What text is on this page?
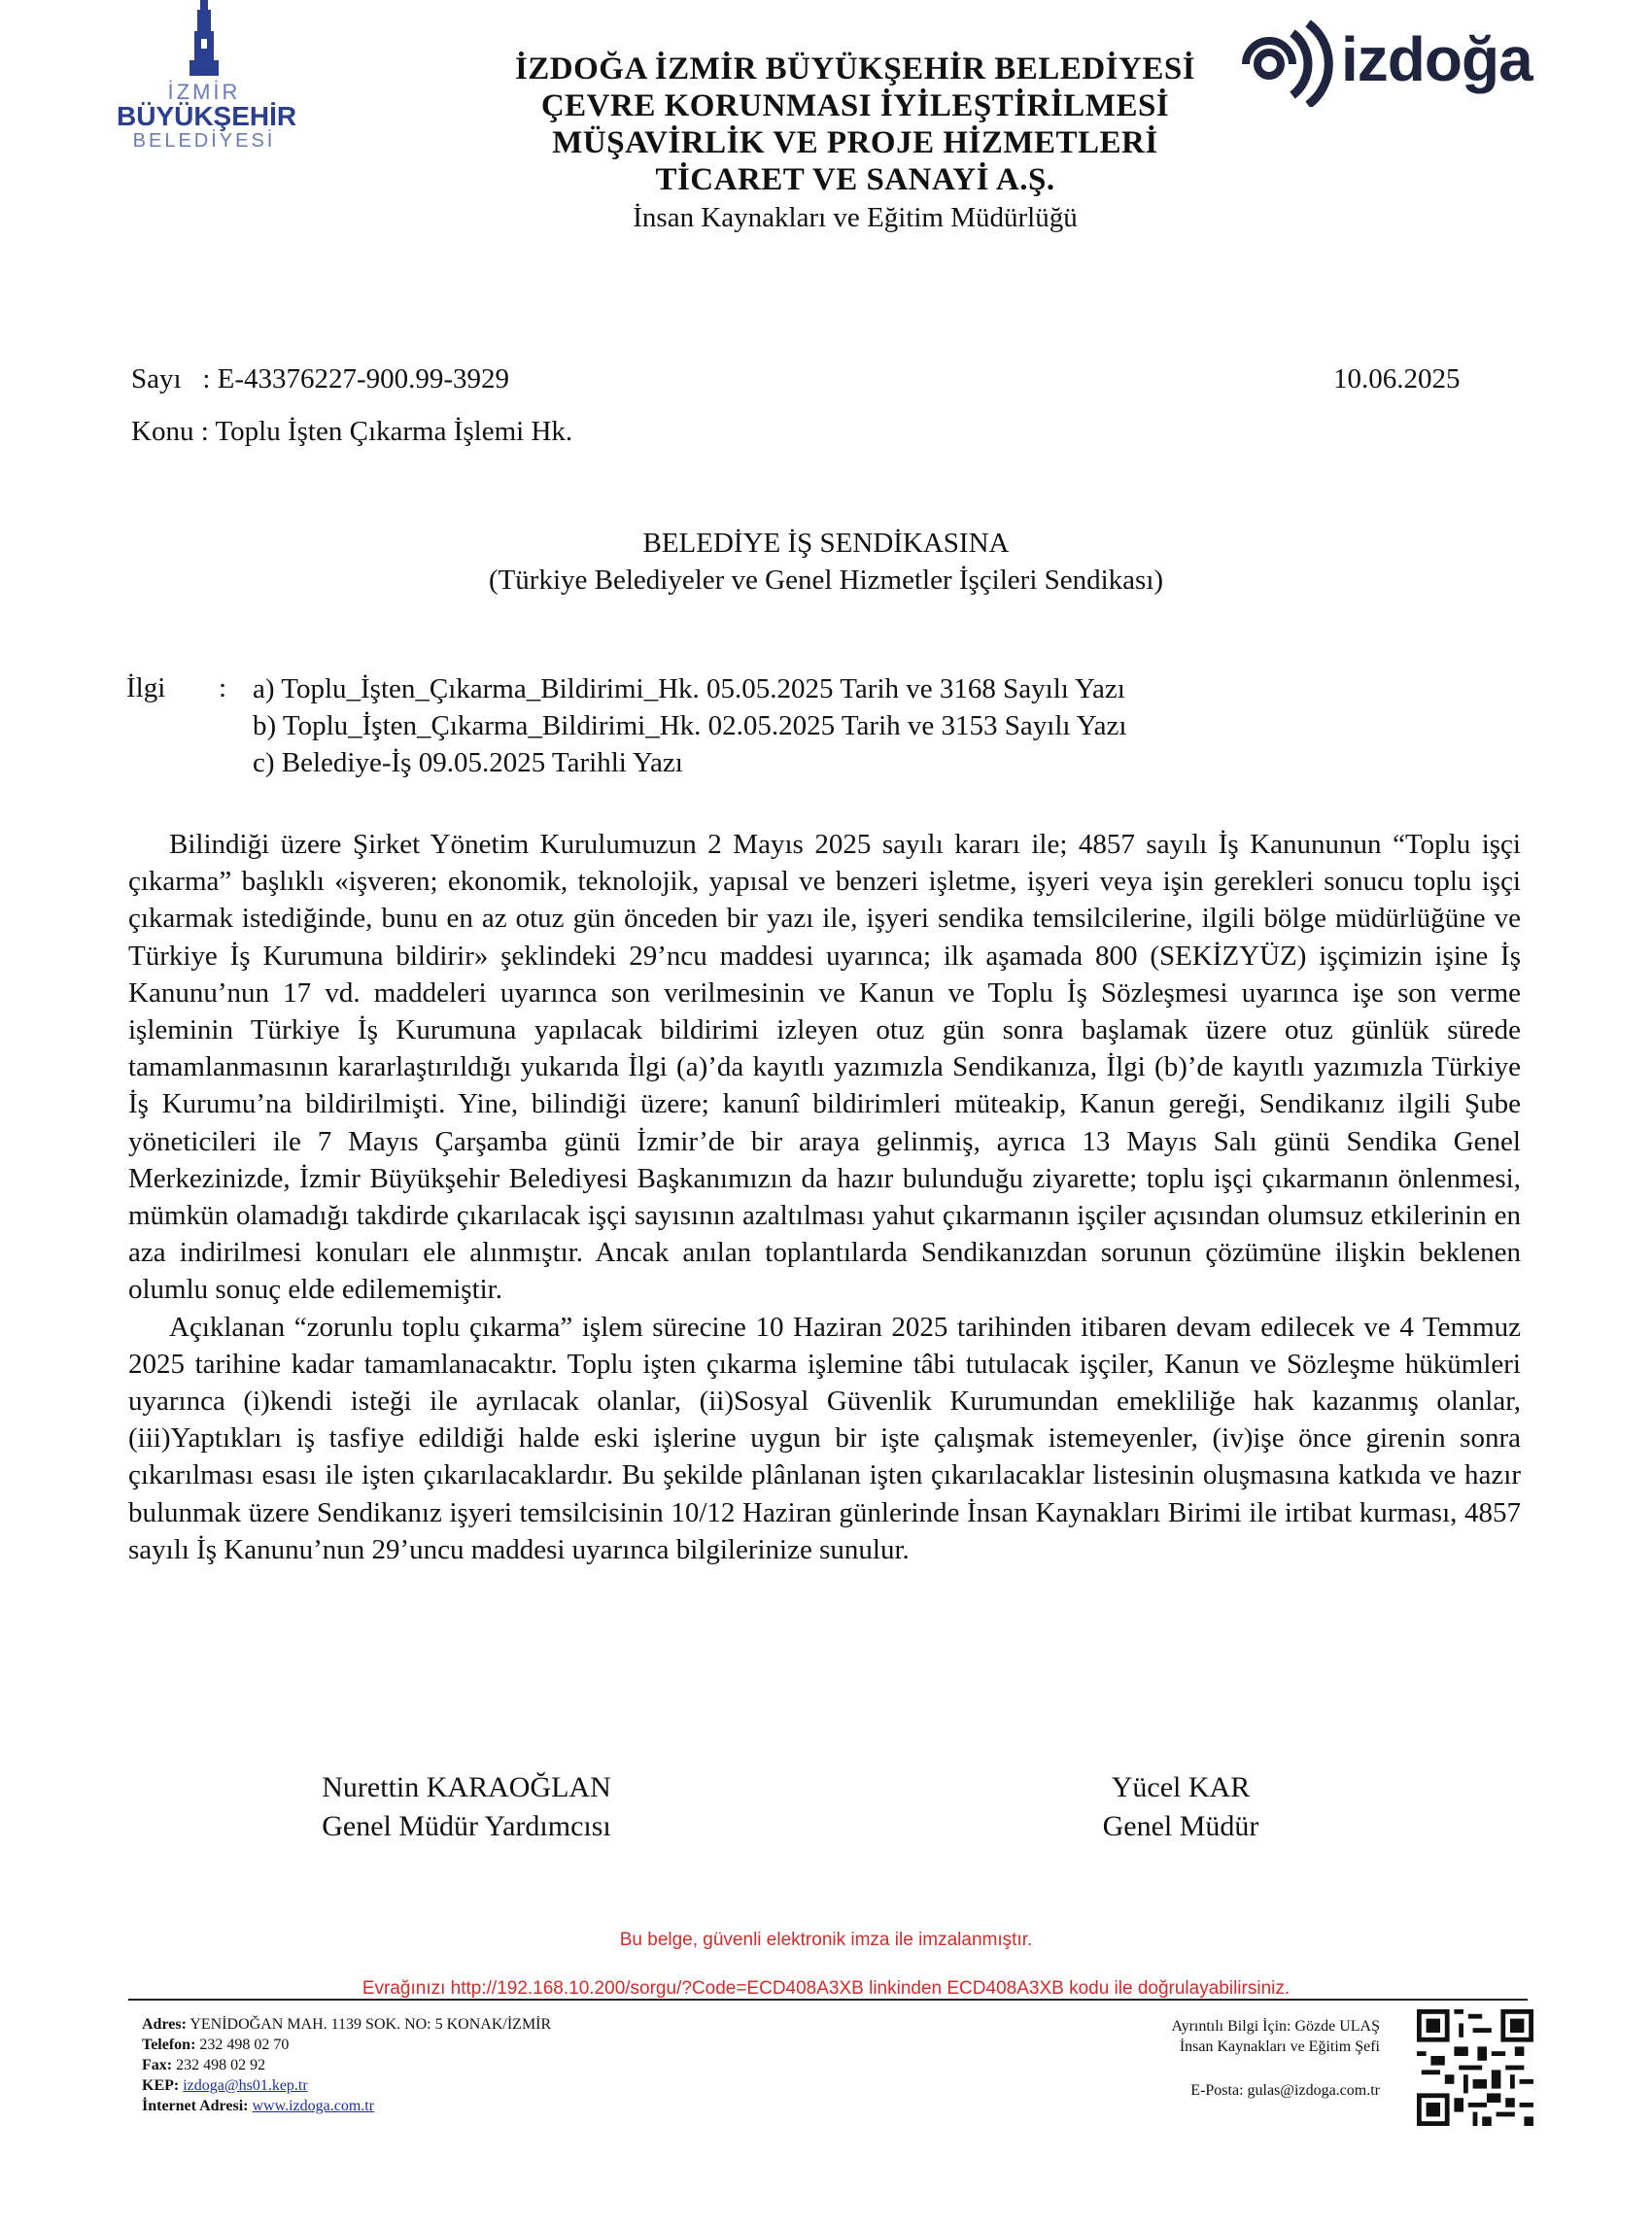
İZMİR
BÜYÜKŞEHİR
BELEDİYESİ
izdoğa
İZDOĞA İZMİR BÜYÜKŞEHİR BELEDİYESİ
ÇEVRE KORUNMASI İYİLEŞTİRİLMESİ
MÜŞAVİRLİK VE PROJE HİZMETLERİ
TİCARET VE SANAYİ A.Ş.
İnsan Kaynakları ve Eğitim Müdürlüğü
Sayı : E-43376227-900.99-3929	10.06.2025
Konu : Toplu İşten Çıkarma İşlemi Hk.
BELEDİYE İŞ SENDİKASINA
(Türkiye Belediyeler ve Genel Hizmetler İşçileri Sendikası)
İlgi : a) Toplu_İşten_Çıkarma_Bildirimi_Hk. 05.05.2025 Tarih ve 3168 Sayılı Yazı
b) Toplu_İşten_Çıkarma_Bildirimi_Hk. 02.05.2025 Tarih ve 3153 Sayılı Yazı
c) Belediye-İş 09.05.2025 Tarihli Yazı

Bilindiği üzere Şirket Yönetim Kurulumuzun 2 Mayıs 2025 sayılı kararı ile; 4857 sayılı İş Kanununun “Toplu işçi çıkarma” başlıklı «işveren; ekonomik, teknolojik, yapısal ve benzeri işletme, işyeri veya işin gerekleri sonucu toplu işçi çıkarmak istediğinde, bunu en az otuz gün önceden bir yazı ile, işyeri sendika temsilcilerine, ilgili bölge müdürlüğüne ve Türkiye İş Kurumuna bildirir» şeklindeki 29’ncu maddesi uyarınca; ilk aşamada 800 (SEKİZYÜZ) işçimizin işine İş Kanunu’nun 17 vd. maddeleri uyarınca son verilmesinin ve Kanun ve Toplu İş Sözleşmesi uyarınca işe son verme işleminin Türkiye İş Kurumuna yapılacak bildirimi izleyen otuz gün sonra başlamak üzere otuz günlük sürede tamamlanmasının kararlaştırıldığı yukarıda İlgi (a)’da kayıtlı yazımızla Sendikanıza, İlgi (b)’de kayıtlı yazımızla Türkiye İş Kurumu’na bildirilmişti. Yine, bilindiği üzere; kanunî bildirimleri müteakip, Kanun gereği, Sendikanız ilgili Şube yöneticileri ile 7 Mayıs Çarşamba günü İzmir’de bir araya gelinmiş, ayrıca 13 Mayıs Salı günü Sendika Genel Merkezinizde, İzmir Büyükşehir Belediyesi Başkanımızın da hazır bulunduğu ziyarette; toplu işçi çıkarmanın önlenmesi, mümkün olamadığı takdirde çıkarılacak işçi sayısının azaltılması yahut çıkarmanın işçiler açısından olumsuz etkilerinin en aza indirilmesi konuları ele alınmıştır. Ancak anılan toplantılarda Sendikanızdan sorunun çözümüne ilişkin beklenen olumlu sonuç elde edilememiştir.

Açıklanan “zorunlu toplu çıkarma” işlem sürecine 10 Haziran 2025 tarihinden itibaren devam edilecek ve 4 Temmuz 2025 tarihine kadar tamamlanacaktır. Toplu işten çıkarma işlemine tâbi tutulacak işçiler, Kanun ve Sözleşme hükümleri uyarınca (i)kendi isteği ile ayrılacak olanlar, (ii)Sosyal Güvenlik Kurumundan emekliliğe hak kazanmış olanlar, (iii)Yaptıkları iş tasfiye edildiği halde eski işlerine uygun bir işte çalışmak istemeyenler, (iv)işe önce girenin sonra çıkarılması esası ile işten çıkarılacaklardır. Bu şekilde plânlanan işten çıkarılacaklar listesinin oluşmasına katkıda ve hazır bulunmak üzere Sendikanız işyeri temsilcisinin 10/12 Haziran günlerinde İnsan Kaynakları Birimi ile irtibat kurması, 4857 sayılı İş Kanunu’nun 29’uncu maddesi uyarınca bilgilerinize sunulur.

Nurettin KARAOĞLAN
Genel Müdür Yardımcısı
Yücel KAR
Genel Müdür
Bu belge, güvenli elektronik imza ile imzalanmıştır.
Evrağınızı http://192.168.10.200/sorgu/?Code=ECD408A3XB linkinden ECD408A3XB kodu ile doğrulayabilirsiniz.
Adres: YENİDOĞAN MAH. 1139 SOK. NO: 5 KONAK/İZMİR
Telefon: 232 498 02 70
Fax: 232 498 02 92
KEP: izdoga@hs01.kep.tr
İnternet Adresi: www.izdoga.com.tr
Ayrıntılı Bilgi İçin: Gözde ULAŞ
İnsan Kaynakları ve Eğitim Şefi
E-Posta: gulas@izdoga.com.tr
